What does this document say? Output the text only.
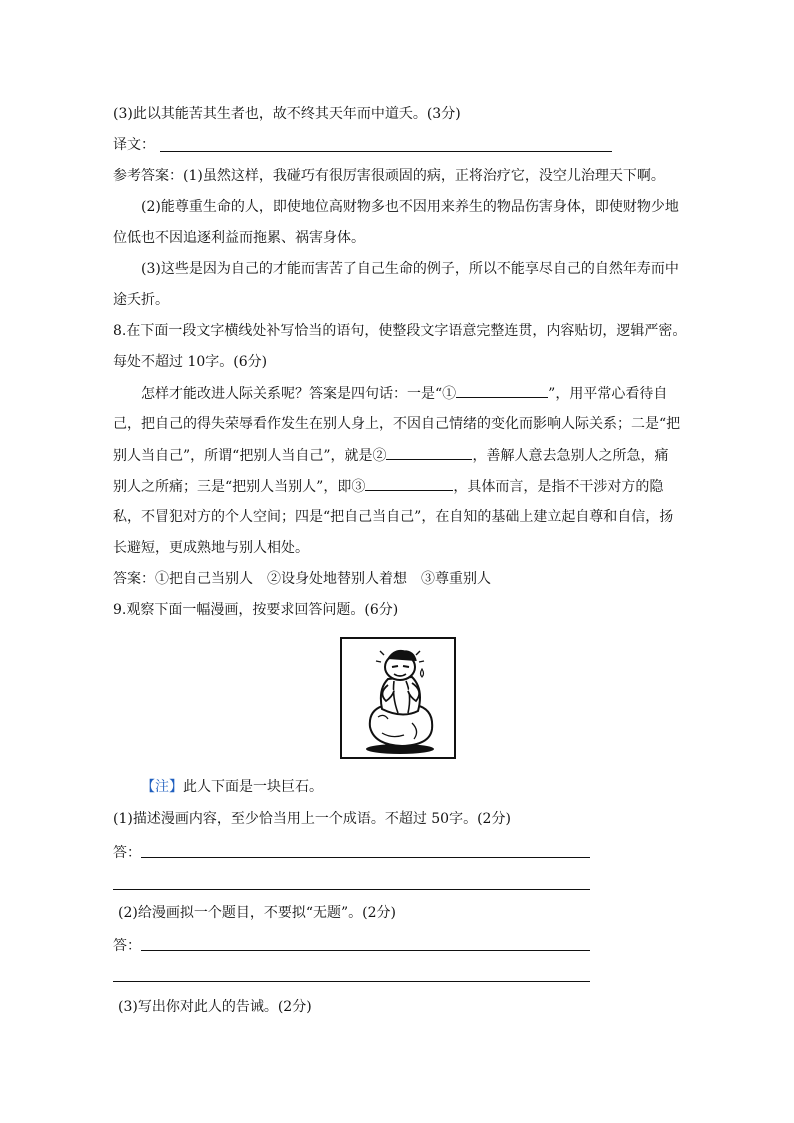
(3)此以其能苦其生者也，故不终其天年而中道夭。(3分)
译文：
参考答案：(1)虽然这样，我碰巧有很厉害很顽固的病，正将治疗它，没空儿治理天下啊。
(2)能尊重生命的人，即使地位高财物多也不因用来养生的物品伤害身体，即使财物少地
位低也不因追逐利益而拖累、祸害身体。
(3)这些是因为自己的才能而害苦了自己生命的例子，所以不能享尽自己的自然年寿而中
途夭折。
8.在下面一段文字横线处补写恰当的语句，使整段文字语意完整连贯，内容贴切，逻辑严密。
每处不超过 10字。(6分)
怎样才能改进人际关系呢？答案是四句话：一是“①	”，用平常心看待自
己，把自己的得失荣辱看作发生在别人身上，不因自己情绪的变化而影响人际关系；二是“把
别人当自己”，所谓“把别人当自己”，就是②	，善解人意去急别人之所急，痛
别人之所痛；三是“把别人当别人”，即③	，具体而言，是指不干涉对方的隐
私，不冒犯对方的个人空间；四是“把自己当自己”，在自知的基础上建立起自尊和自信，扬
长避短，更成熟地与别人相处。
答案：①把自己当别人　②设身处地替别人着想　③尊重别人
9.观察下面一幅漫画，按要求回答问题。(6分)
【注】此人下面是一块巨石。
(1)描述漫画内容，至少恰当用上一个成语。不超过 50字。(2分)
答：
(2)给漫画拟一个题目，不要拟“无题”。(2分)
答：
(3)写出你对此人的告诫。(2分)
